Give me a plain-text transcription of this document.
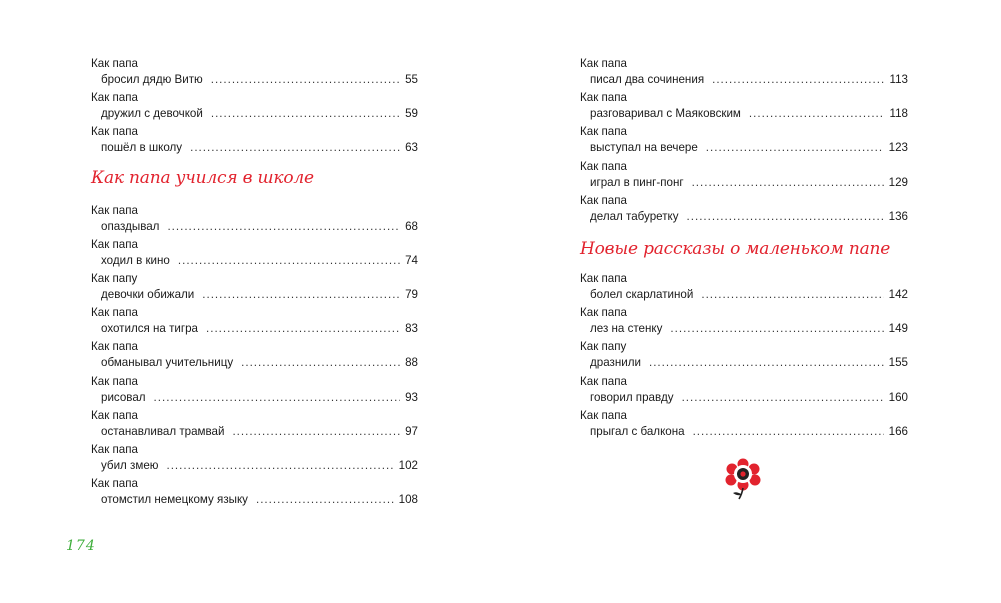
Как папа
бросил дядю Витю .....	55
Как папа
дружил с девочкой .....	59
Как папа
пошёл в школу .....	63
Как папа учился в школе
Как папа
опаздывал .....	68
Как папа
ходил в кино .....	74
Как папу
девочки обижали .....	79
Как папа
охотился на тигра .....	83
Как папа
обманывал учительницу .....	88
Как папа
рисовал .....	93
Как папа
останавливал трамвай .....	97
Как папа
убил змею .....	102
Как папа
отомстил немецкому языку .....	108
Как папа
писал два сочинения .....	113
Как папа
разговаривал с Маяковским .....	118
Как папа
выступал на вечере .....	123
Как папа
играл в пинг-понг .....	129
Как папа
делал табуретку .....	136
Новые рассказы о маленьком папе
Как папа
болел скарлатиной .....	142
Как папа
лез на стенку .....	149
Как папу
дразнили .....	155
Как папа
говорил правду .....	160
Как папа
прыгал с балкона .....	166
174
